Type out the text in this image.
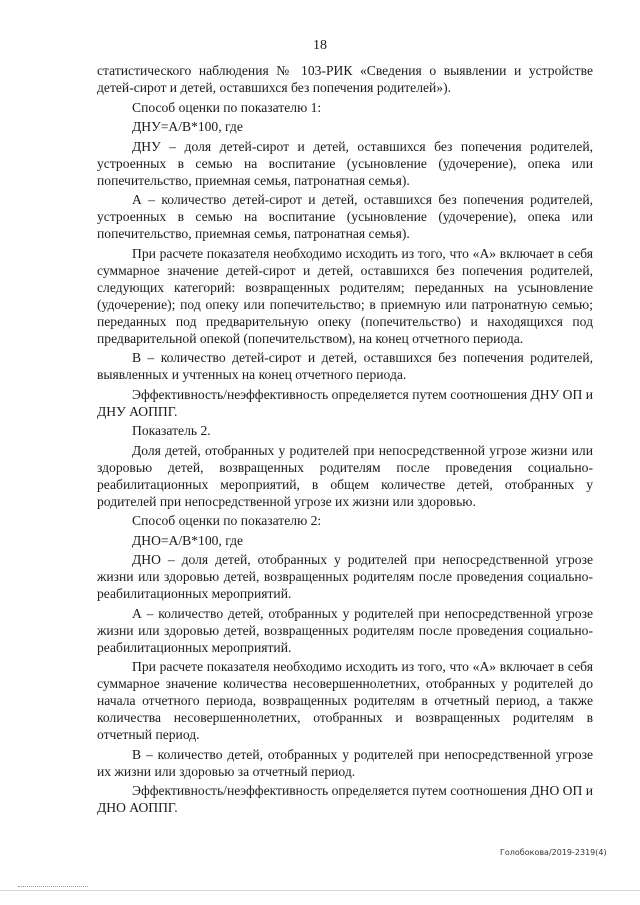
18

статистического наблюдения № 103-РИК «Сведения о выявлении и устройстве детей-сирот и детей, оставшихся без попечения родителей»).

Способ оценки по показателю 1:

ДНУ=А/В*100, где

ДНУ – доля детей-сирот и детей, оставшихся без попечения родителей, устроенных в семью на воспитание (усыновление (удочерение), опека или попечительство, приемная семья, патронатная семья).

А – количество детей-сирот и детей, оставшихся без попечения родителей, устроенных в семью на воспитание (усыновление (удочерение), опека или попечительство, приемная семья, патронатная семья).

При расчете показателя необходимо исходить из того, что «А» включает в себя суммарное значение детей-сирот и детей, оставшихся без попечения родителей, следующих категорий: возвращенных родителям; переданных на усыновление (удочерение); под опеку или попечительство; в приемную или патронатную семью; переданных под предварительную опеку (попечительство) и находящихся под предварительной опекой (попечительством), на конец отчетного периода.

В – количество детей-сирот и детей, оставшихся без попечения родителей, выявленных и учтенных на конец отчетного периода.

Эффективность/неэффективность определяется путем соотношения ДНУ ОП и ДНУ АОППГ.

Показатель 2.

Доля детей, отобранных у родителей при непосредственной угрозе жизни или здоровью детей, возвращенных родителям после проведения социально-реабилитационных мероприятий, в общем количестве детей, отобранных у родителей при непосредственной угрозе их жизни или здоровью.

Способ оценки по показателю 2:

ДНО=А/В*100, где

ДНО – доля детей, отобранных у родителей при непосредственной угрозе жизни или здоровью детей, возвращенных родителям после проведения социально-реабилитационных мероприятий.

А – количество детей, отобранных у родителей при непосредственной угрозе жизни или здоровью детей, возвращенных родителям после проведения социально-реабилитационных мероприятий.

При расчете показателя необходимо исходить из того, что «А» включает в себя суммарное значение количества несовершеннолетних, отобранных у родителей до начала отчетного периода, возвращенных родителям в отчетный период, а также количества несовершеннолетних, отобранных и возвращенных родителям в отчетный период.

В – количество детей, отобранных у родителей при непосредственной угрозе их жизни или здоровью за отчетный период.

Эффективность/неэффективность определяется путем соотношения ДНО ОП и ДНО АОППГ.

Голобокова/2019-2319(4)
